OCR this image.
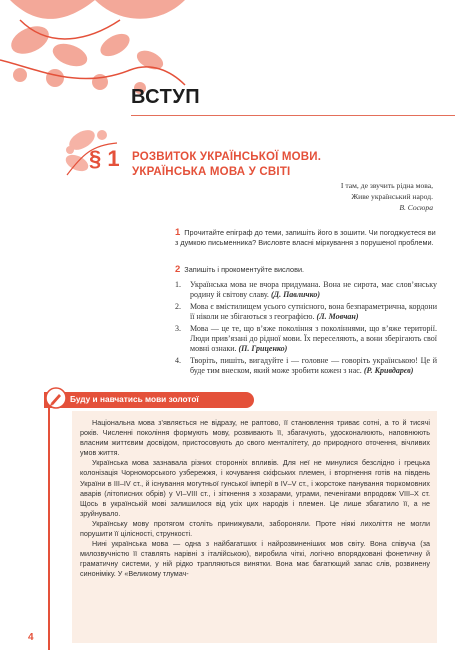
ВСТУП
§ 1 РОЗВИТОК УКРАЇНСЬКОЇ МОВИ.
УКРАЇНСЬКА МОВА У СВІТІ
І там, де звучить рідна мова,
Живе український народ.
В. Сосюра
1 Прочитайте епіграф до теми, запишіть його в зошити. Чи погоджуєтеся ви з думкою письменника? Висловте власні міркування з порушеної проблеми.
2 Запишіть і прокоментуйте вислови.
1. Українська мова не вчора придумана. Вона не сирота, має слов’янську родину й світову славу. (Д. Павличко)
2. Мова є вмістилищем усього сутнісного, вона безпараметрична, кордони її ніколи не збігаються з географією. (Л. Мовчан)
3. Мова — це те, що в’яже покоління з поколіннями, що в’яже території. Люди прив’язані до рідної мови. Їх переселяють, а вони зберігають свої мовні ознаки. (П. Гриценко)
4. Творіть, пишіть, вигадуйте і — головне — говоріть українською! Це й буде тим внеском, який може зробити кожен з нас. (Р. Кривдарєв)
Буду и навчатись мови золотої

Національна мова з’являється не відразу, не раптово, її становлення триває сотні, а то й тисячі років. Численні покоління формують мову, розвивають її, збагачують, удосконалюють, наповнюють власним життєвим досвідом, пристосовують до свого менталітету, до природного оточення, вічливих умов життя.

Українська мова зазнавала різних сторонніх впливів. Для неї не минулися безслідно і грецька колонізація Чорноморського узбережжя, і кочування скіфських племен, і вторгнення готів на південь України в ІІІ–IV ст., й існування могутньої гунської імперії в IV–V ст., і жорстоке панування тюркомовних аварів (літописних обрів) у VI–VIII ст., і зіткнення з хозарами, уграми, печенігами впродовж VIII–X ст. Щось в українській мові залишилося від усіх цих народів і племен. Це лише збагатило її, а не зруйнувало.

Українську мову протягом століть принижували, забороняли. Проте ніякі лихоліття не могли порушити її цілісності, стрункості.

Нині українська мова — одна з найбагатших і найрозвиненіших мов світу. Вона співуча (за милозвучністю її ставлять нарівні з італійською), виробила чіткі, логічно впорядковані фонетичну й граматичну системи, у ній рідко трапляються винятки. Вона має багатющий запас слів, розвинену синоніміку. У «Великому тлумач-

4
